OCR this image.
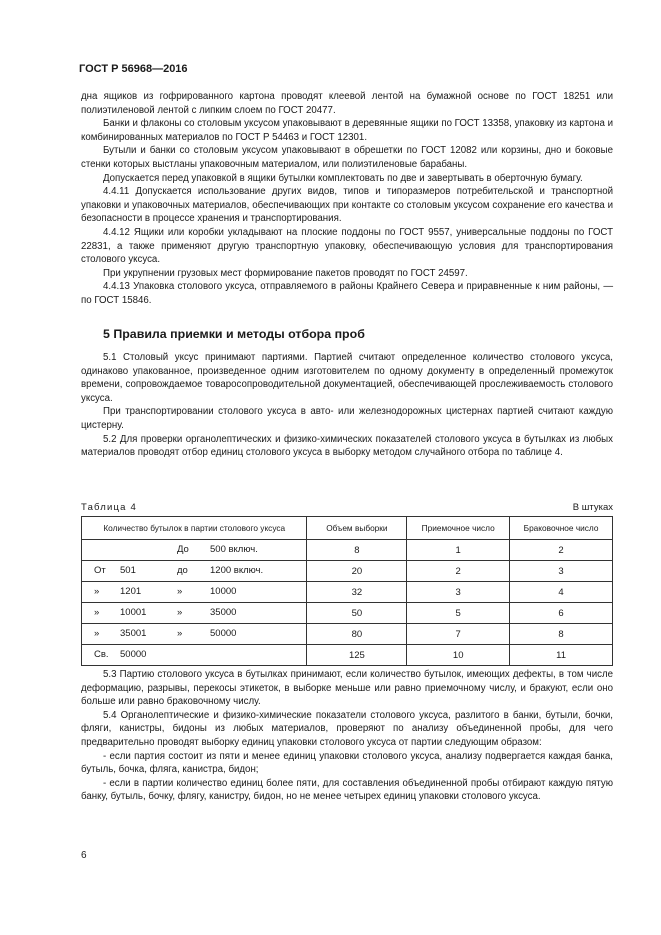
ГОСТ Р 56968—2016

дна ящиков из гофрированного картона проводят клеевой лентой на бумажной основе по ГОСТ 18251 или полиэтиленовой лентой с липким слоем по ГОСТ 20477.

Банки и флаконы со столовым уксусом упаковывают в деревянные ящики по ГОСТ 13358, упаковку из картона и комбинированных материалов по ГОСТ Р 54463 и ГОСТ 12301.

Бутыли и банки со столовым уксусом упаковывают в обрешетки по ГОСТ 12082 или корзины, дно и боковые стенки которых выстланы упаковочным материалом, или полиэтиленовые барабаны.

Допускается перед упаковкой в ящики бутылки комплектовать по две и завертывать в оберточную бумагу.

4.4.11 Допускается использование других видов, типов и типоразмеров потребительской и транспортной упаковки и упаковочных материалов, обеспечивающих при контакте со столовым уксусом сохранение его качества и безопасности в процессе хранения и транспортирования.

4.4.12 Ящики или коробки укладывают на плоские поддоны по ГОСТ 9557, универсальные поддоны по ГОСТ 22831, а также применяют другую транспортную упаковку, обеспечивающую условия для транспортирования столового уксуса.

При укрупнении грузовых мест формирование пакетов проводят по ГОСТ 24597.

4.4.13 Упаковка столового уксуса, отправляемого в районы Крайнего Севера и приравненные к ним районы, — по ГОСТ 15846.

5 Правила приемки и методы отбора проб

5.1 Столовый уксус принимают партиями. Партией считают определенное количество столового уксуса, одинаково упакованное, произведенное одним изготовителем по одному документу в определенный промежуток времени, сопровождаемое товаросопроводительной документацией, обеспечивающей прослеживаемость столового уксуса.

При транспортировании столового уксуса в авто- или железнодорожных цистернах партией считают каждую цистерну.

5.2 Для проверки органолептических и физико-химических показателей столового уксуса в бутылках из любых материалов проводят отбор единиц столового уксуса в выборку методом случайного отбора по таблице 4.

Таблица 4	В штуках
Количество бутылок в партии столового уксуса	Объем выборки	Приемочное число	Браковочное число

До 500 включ.	8	1	2

От 501 до 1200 включ.	20	2	3

» 1201 » 10000	32	3	4

» 10001 » 35000	50	5	6

» 35001 » 50000	80	7	8

Св. 50000	125	10	11

5.3 Партию столового уксуса в бутылках принимают, если количество бутылок, имеющих дефекты, в том числе деформацию, разрывы, перекосы этикеток, в выборке меньше или равно приемочному числу, и бракуют, если оно больше или равно браковочному числу.

5.4 Органолептические и физико-химические показатели столового уксуса, разлитого в банки, бутыли, бочки, фляги, канистры, бидоны из любых материалов, проверяют по анализу объединенной пробы, для чего предварительно проводят выборку единиц упаковки столового уксуса от партии следующим образом:

- если партия состоит из пяти и менее единиц упаковки столового уксуса, анализу подвергается каждая банка, бутыль, бочка, фляга, канистра, бидон;

- если в партии количество единиц более пяти, для составления объединенной пробы отбирают каждую пятую банку, бутыль, бочку, флягу, канистру, бидон, но не менее четырех единиц упаковки столового уксуса.

6
